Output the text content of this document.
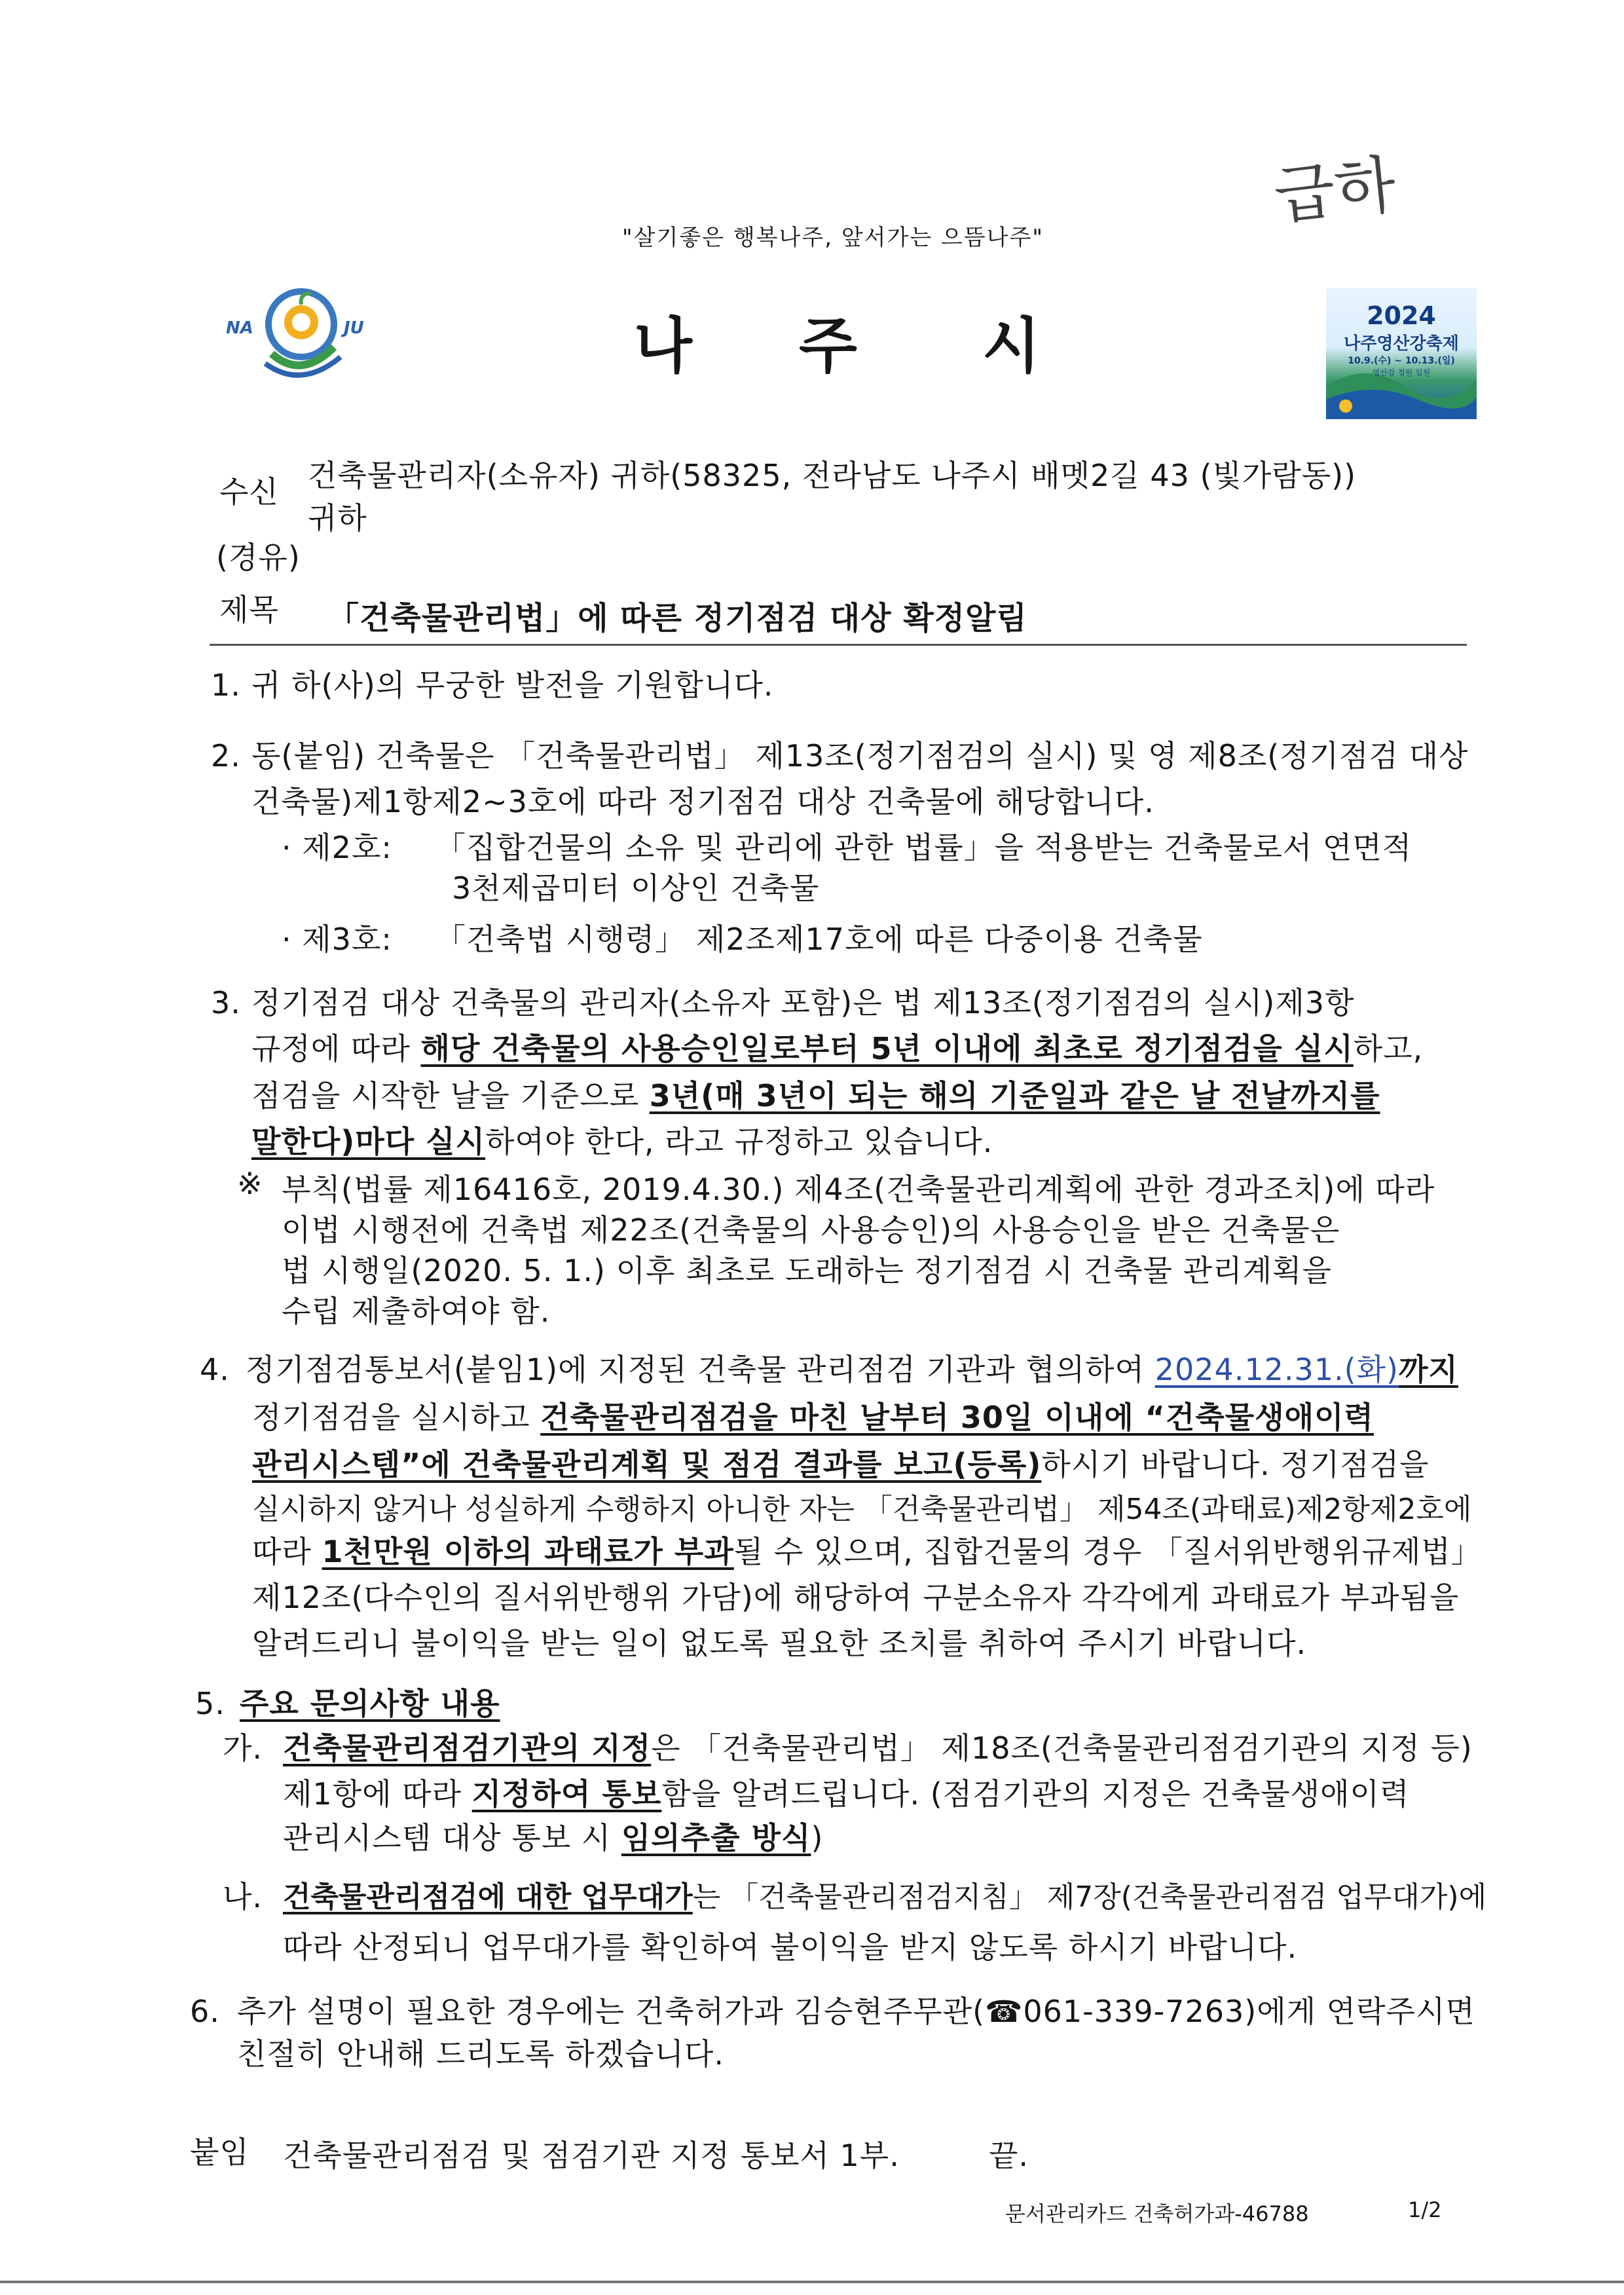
급하
"살기좋은 행복나주, 앞서가는 으뜸나주"
NA	JU	나 주 시	2024
나주영산강축제
10.9.(수) ~ 10.13.(일)
영산강 정원 일원
수신 건축물관리자(소유자) 귀하(58325, 전라남도 나주시 배멧2길 43 (빛가람동))
귀하
(경유)
제목 「건축물관리법」에 따른 정기점검 대상 확정알림
1. 귀 하(사)의 무궁한 발전을 기원합니다.
2. 동(붙임) 건축물은 「건축물관리법」 제13조(정기점검의 실시) 및 영 제8조(정기점검 대상
건축물)제1항제2~3호에 따라 정기점검 대상 건축물에 해당합니다.
· 제2호: 「집합건물의 소유 및 관리에 관한 법률」을 적용받는 건축물로서 연면적
3천제곱미터 이상인 건축물
· 제3호: 「건축법 시행령」 제2조제17호에 따른 다중이용 건축물
3. 정기점검 대상 건축물의 관리자(소유자 포함)은 법 제13조(정기점검의 실시)제3항
규정에 따라 해당 건축물의 사용승인일로부터 5년 이내에 최초로 정기점검을 실시하고,
점검을 시작한 날을 기준으로 3년(매 3년이 되는 해의 기준일과 같은 날 전날까지를
말한다)마다 실시하여야 한다, 라고 규정하고 있습니다.
※ 부칙(법률 제16416호, 2019.4.30.) 제4조(건축물관리계획에 관한 경과조치)에 따라
이법 시행전에 건축법 제22조(건축물의 사용승인)의 사용승인을 받은 건축물은
법 시행일(2020. 5. 1.) 이후 최초로 도래하는 정기점검 시 건축물 관리계획을
수립 제출하여야 함.
4. 정기점검통보서(붙임1)에 지정된 건축물 관리점검 기관과 협의하여 2024.12.31.(화)까지
정기점검을 실시하고 건축물관리점검을 마친 날부터 30일 이내에 “건축물생애이력
관리시스템”에 건축물관리계획 및 점검 결과를 보고(등록)하시기 바랍니다. 정기점검을
실시하지 않거나 성실하게 수행하지 아니한 자는 「건축물관리법」 제54조(과태료)제2항제2호에
따라 1천만원 이하의 과태료가 부과될 수 있으며, 집합건물의 경우 「질서위반행위규제법」
제12조(다수인의 질서위반행위 가담)에 해당하여 구분소유자 각각에게 과태료가 부과됨을
알려드리니 불이익을 받는 일이 없도록 필요한 조치를 취하여 주시기 바랍니다.
5. 주요 문의사항 내용
가. 건축물관리점검기관의 지정은 「건축물관리법」 제18조(건축물관리점검기관의 지정 등)
제1항에 따라 지정하여 통보함을 알려드립니다. (점검기관의 지정은 건축물생애이력
관리시스템 대상 통보 시 임의추출 방식)
나. 건축물관리점검에 대한 업무대가는 「건축물관리점검지침」 제7장(건축물관리점검 업무대가)에
따라 산정되니 업무대가를 확인하여 불이익을 받지 않도록 하시기 바랍니다.
6. 추가 설명이 필요한 경우에는 건축허가과 김승현주무관(☎061-339-7263)에게 연락주시면
친절히 안내해 드리도록 하겠습니다.
붙임 건축물관리점검 및 점검기관 지정 통보서 1부.	끝.
문서관리카드 건축허가과-46788	1/2
